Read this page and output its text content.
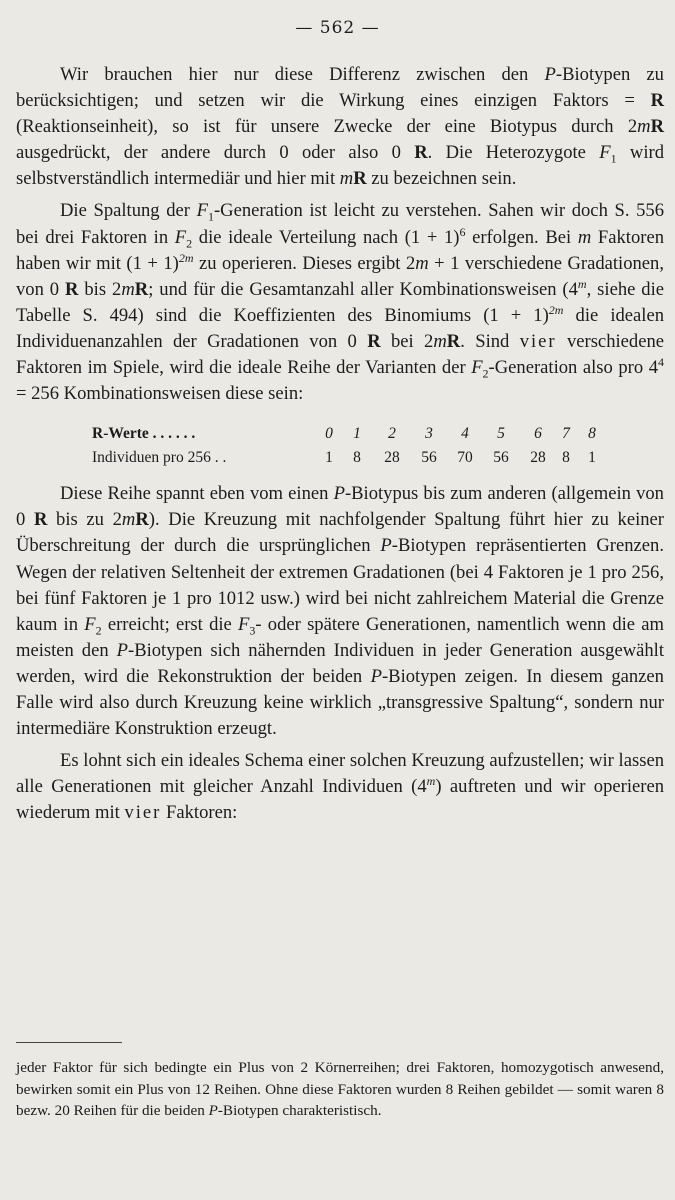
— 562 —

Wir brauchen hier nur diese Differenz zwischen den P-Biotypen zu berücksichtigen; und setzen wir die Wirkung eines einzigen Faktors = R (Reaktionseinheit), so ist für unsere Zwecke der eine Biotypus durch 2mR ausgedrückt, der andere durch 0 oder also 0 R. Die Heterozygote $F_1$ wird selbstverständlich intermediär und hier mit mR zu bezeichnen sein.

Die Spaltung der $F_1$-Generation ist leicht zu verstehen. Sahen wir doch S. 556 bei drei Faktoren in $F_2$ die ideale Verteilung nach $(1 + 1)^6$ erfolgen. Bei m Faktoren haben wir mit $(1 + 1)^{2m}$ zu operieren. Dieses ergibt 2m + 1 verschiedene Gradationen, von 0 R bis 2mR; und für die Gesamtanzahl aller Kombinationsweisen (4$^m$, siehe die Tabelle S. 494) sind die Koeffizienten des Binomiums $(1 + 1)^{2m}$ die idealen Individuenanzahlen der Gradationen von 0 R bei 2mR. Sind vier verschiedene Faktoren im Spiele, wird die ideale Reihe der Varianten der $F_2$-Generation also pro $4^4 = 256$ Kombinationsweisen diese sein:

R-Werte . . . . . .	0	1	2	3	4	5	6	7	8
Individuen pro 256 . .	1	8	28 56 70 56 28	8	1

Diese Reihe spannt eben vom einen P-Biotypus bis zum anderen (allgemein von 0 R bis zu 2mR). Die Kreuzung mit nachfolgender Spaltung führt hier zu keiner Überschreitung der durch die ursprünglichen P-Biotypen repräsentierten Grenzen. Wegen der relativen Seltenheit der extremen Gradationen (bei 4 Faktoren je 1 pro 256, bei fünf Faktoren je 1 pro 1012 usw.) wird bei nicht zahlreichem Material die Grenze kaum in $F_2$ erreicht; erst die $F_3-$ oder spätere Generationen, namentlich wenn die am meisten den P-Biotypen sich nähernden Individuen in jeder Generation ausgewählt werden, wird die Rekonstruktion der beiden P-Biotypen zeigen. In diesem ganzen Falle wird also durch Kreuzung keine wirklich „transgressive Spaltung“, sondern nur intermediäre Konstruktion erzeugt.

Es lohnt sich ein ideales Schema einer solchen Kreuzung aufzustellen; wir lassen alle Generationen mit gleicher Anzahl Individuen (4$^m$) auftreten und wir operieren wiederum mit vier Faktoren:

jeder Faktor für sich bedingte ein Plus von 2 Körnerreihen; drei Faktoren, homozygotisch anwesend, bewirken somit ein Plus von 12 Reihen. Ohne diese Faktoren wurden 8 Reihen gebildet — somit waren 8 bezw. 20 Reihen für die beiden P-Biotypen charakteristisch.
